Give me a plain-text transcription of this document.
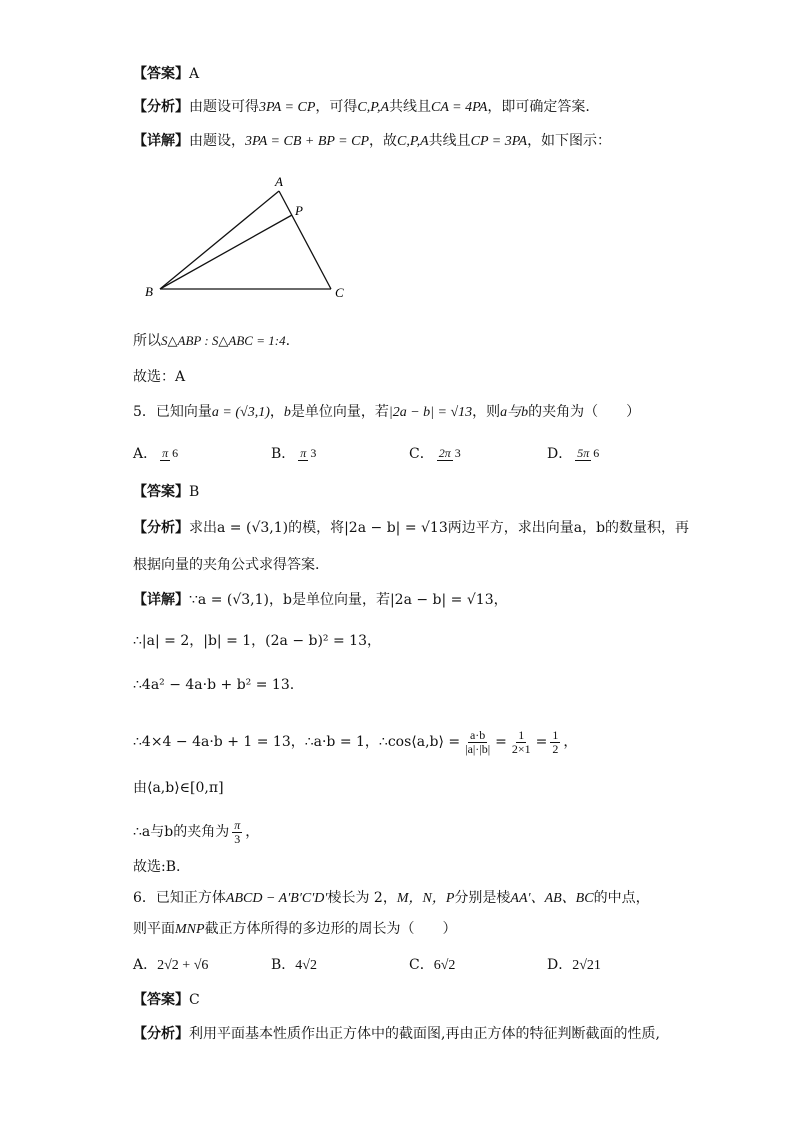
【答案】A
【分析】由题设可得3PA = CP，可得C,P,A共线且CA = 4PA，即可确定答案.
【详解】由题设，3PA = CB + BP = CP，故C,P,A共线且CP = 3PA，如下图示：
A
P
B	C
所以S△ABP : S△ABC = 1:4.
故选：A
5．已知向量a = (√3,1)，b是单位向量，若|2a − b| = √13，则a与b的夹角为（　　）
A． π 6	B． π 3	C． 2π 3	D． 5π 6
【答案】B
【分析】求出a = (√3,1)的模，将|2a − b| = √13两边平方，求出向量a，b的数量积，再
根据向量的夹角公式求得答案.
【详解】∵a = (√3,1)，b是单位向量，若|2a − b| = √13，
∴|a| = 2，|b| = 1，(2a − b)² = 13，
∴4a² − 4a·b + b² = 13.
∴4×4 − 4a·b + 1 = 13，∴a·b = 1，∴cos⟨a,b⟩ = $\frac{a\cdot b}{|a|\cdot|b|} = \frac{1}{2\times 1} = \frac{1}{2}$ ，
由⟨a,b⟩∈[0,π]
∴a与b的夹角为 $\frac{\pi}{3}$ ，
故选:B.
6．已知正方体ABCD − A′B′C′D′棱长为 2，M，N，P分别是棱AA′、AB、BC的中点，
则平面MNP截正方体所得的多边形的周长为（　　）
A．2√2 + √6	B．4√2	C．6√2	D．2√21
【答案】C
【分析】利用平面基本性质作出正方体中的截面图,再由正方体的特征判断截面的性质,
